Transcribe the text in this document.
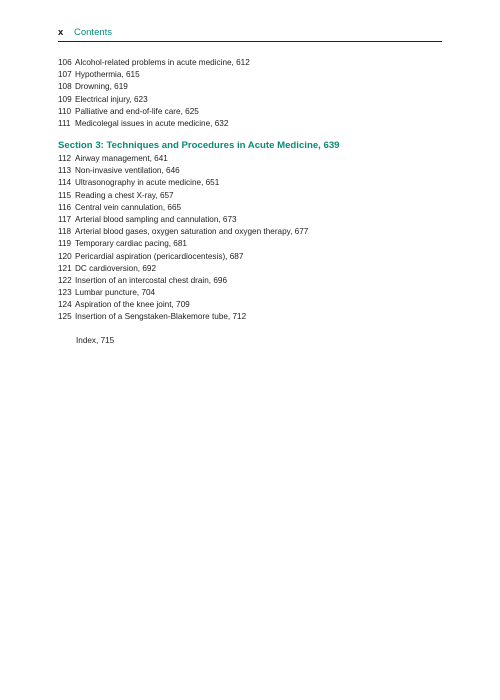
x Contents
106 Alcohol-related problems in acute medicine, 612
107 Hypothermia, 615
108 Drowning, 619
109 Electrical injury, 623
110 Palliative and end-of-life care, 625
111 Medicolegal issues in acute medicine, 632
Section 3: Techniques and Procedures in Acute Medicine, 639
112 Airway management, 641
113 Non-invasive ventilation, 646
114 Ultrasonography in acute medicine, 651
115 Reading a chest X-ray, 657
116 Central vein cannulation, 665
117 Arterial blood sampling and cannulation, 673
118 Arterial blood gases, oxygen saturation and oxygen therapy, 677
119 Temporary cardiac pacing, 681
120 Pericardial aspiration (pericardiocentesis), 687
121 DC cardioversion, 692
122 Insertion of an intercostal chest drain, 696
123 Lumbar puncture, 704
124 Aspiration of the knee joint, 709
125 Insertion of a Sengstaken-Blakemore tube, 712
Index, 715
